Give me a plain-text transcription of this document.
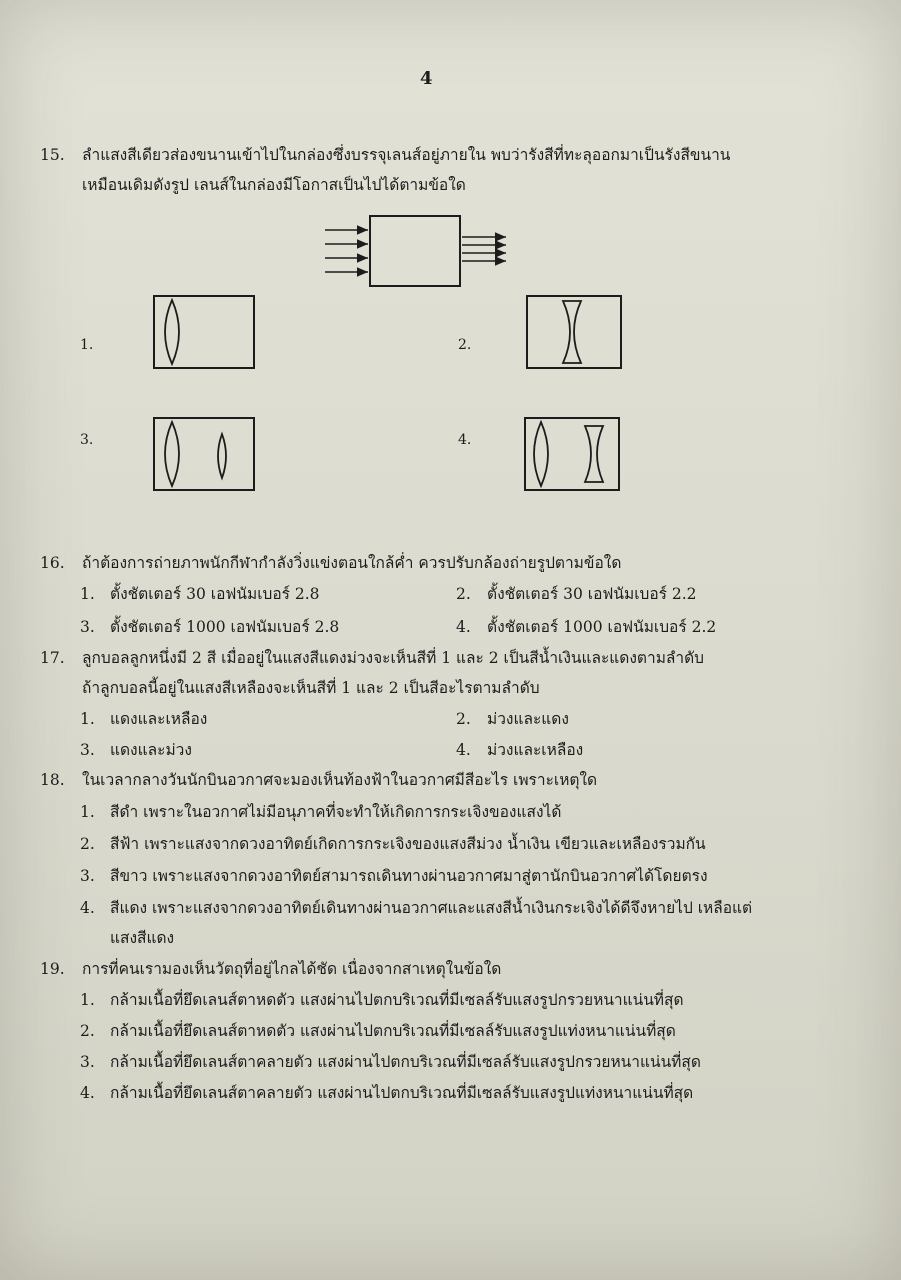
4
15. ลำแสงสีเดียวส่องขนานเข้าไปในกล่องซึ่งบรรจุเลนส์อยู่ภายใน พบว่ารังสีที่ทะลุออกมาเป็นรังสีขนาน
เหมือนเดิมดังรูป เลนส์ในกล่องมีโอกาสเป็นไปได้ตามข้อใด
1.	2.
3.	4.
16. ถ้าต้องการถ่ายภาพนักกีฬากำลังวิ่งแข่งตอนใกล้ค่ำ ควรปรับกล้องถ่ายรูปตามข้อใด
1. ตั้งชัตเตอร์ 30 เอฟนัมเบอร์ 2.8	2. ตั้งชัตเตอร์ 30 เอฟนัมเบอร์ 2.2
3. ตั้งชัตเตอร์ 1000 เอฟนัมเบอร์ 2.8	4. ตั้งชัตเตอร์ 1000 เอฟนัมเบอร์ 2.2
17. ลูกบอลลูกหนึ่งมี 2 สี เมื่ออยู่ในแสงสีแดงม่วงจะเห็นสีที่ 1 และ 2 เป็นสีน้ำเงินและแดงตามลำดับ
ถ้าลูกบอลนี้อยู่ในแสงสีเหลืองจะเห็นสีที่ 1 และ 2 เป็นสีอะไรตามลำดับ
1. แดงและเหลือง	2. ม่วงและแดง
3. แดงและม่วง	4. ม่วงและเหลือง
18. ในเวลากลางวันนักบินอวกาศจะมองเห็นท้องฟ้าในอวกาศมีสีอะไร เพราะเหตุใด
1. สีดำ เพราะในอวกาศไม่มีอนุภาคที่จะทำให้เกิดการกระเจิงของแสงได้
2. สีฟ้า เพราะแสงจากดวงอาทิตย์เกิดการกระเจิงของแสงสีม่วง น้ำเงิน เขียวและเหลืองรวมกัน
3. สีขาว เพราะแสงจากดวงอาทิตย์สามารถเดินทางผ่านอวกาศมาสู่ตานักบินอวกาศได้โดยตรง
4. สีแดง เพราะแสงจากดวงอาทิตย์เดินทางผ่านอวกาศและแสงสีน้ำเงินกระเจิงได้ดีจึงหายไป เหลือแต่
แสงสีแดง
19. การที่คนเรามองเห็นวัตถุที่อยู่ไกลได้ชัด เนื่องจากสาเหตุในข้อใด
1. กล้ามเนื้อที่ยึดเลนส์ตาหดตัว แสงผ่านไปตกบริเวณที่มีเซลล์รับแสงรูปกรวยหนาแน่นที่สุด
2. กล้ามเนื้อที่ยึดเลนส์ตาหดตัว แสงผ่านไปตกบริเวณที่มีเซลล์รับแสงรูปแท่งหนาแน่นที่สุด
3. กล้ามเนื้อที่ยึดเลนส์ตาคลายตัว แสงผ่านไปตกบริเวณที่มีเซลล์รับแสงรูปกรวยหนาแน่นที่สุด
4. กล้ามเนื้อที่ยึดเลนส์ตาคลายตัว แสงผ่านไปตกบริเวณที่มีเซลล์รับแสงรูปแท่งหนาแน่นที่สุด
